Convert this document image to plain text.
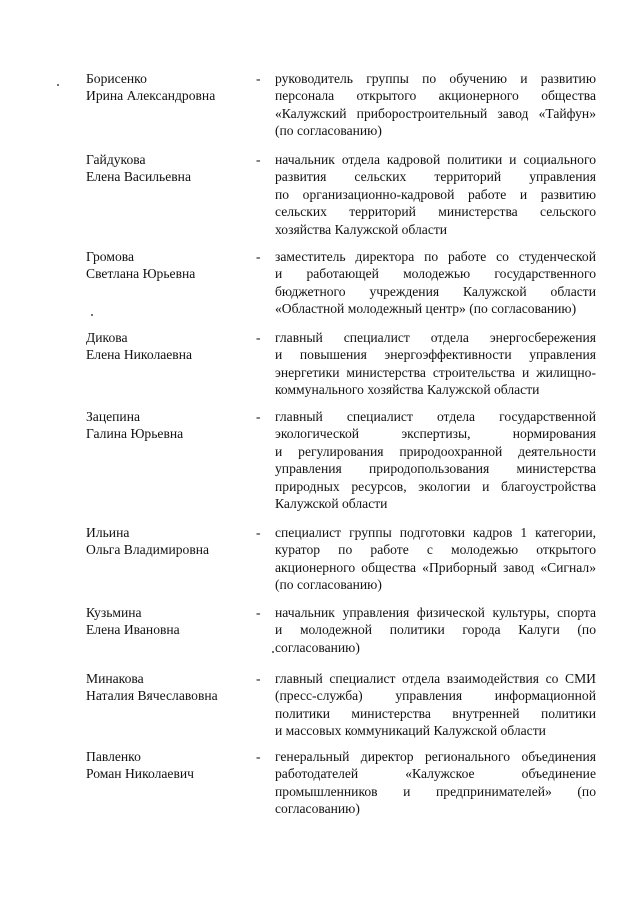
Борисенко
Ирина Александровна
- руководитель группы по обучению и развитию
персонала открытого акционерного общества
«Калужский приборостроительный завод «Тайфун»
(по согласованию)
Гайдукова
Елена Васильевна
- начальник отдела кадровой политики и социального
развития сельских территорий управления
по организационно-кадровой работе и развитию
сельских территорий министерства сельского
хозяйства Калужской области
Громова
Светлана Юрьевна
- заместитель директора по работе со студенческой
и работающей молодежью государственного
бюджетного учреждения Калужской области
«Областной молодежный центр» (по согласованию)
Дикова
Елена Николаевна
- главный специалист отдела энергосбережения
и повышения энергоэффективности управления
энергетики министерства строительства и жилищно-
коммунального хозяйства Калужской области
Зацепина
Галина Юрьевна
- главный специалист отдела государственной
экологической экспертизы, нормирования
и регулирования природоохранной деятельности
управления природопользования министерства
природных ресурсов, экологии и благоустройства
Калужской области
Ильина
Ольга Владимировна
- специалист группы подготовки кадров 1 категории,
куратор по работе с молодежью открытого
акционерного общества «Приборный завод «Сигнал»
(по согласованию)
Кузьмина
Елена Ивановна
- начальник управления физической культуры, спорта
и молодежной политики города Калуги (по
согласованию)
Минакова
Наталия Вячеславовна
- главный специалист отдела взаимодействия со СМИ
(пресс-служба) управления информационной
политики министерства внутренней политики
и массовых коммуникаций Калужской области
Павленко
Роман Николаевич
- генеральный директор регионального объединения
работодателей «Калужское объединение
промышленников и предпринимателей» (по
согласованию)
